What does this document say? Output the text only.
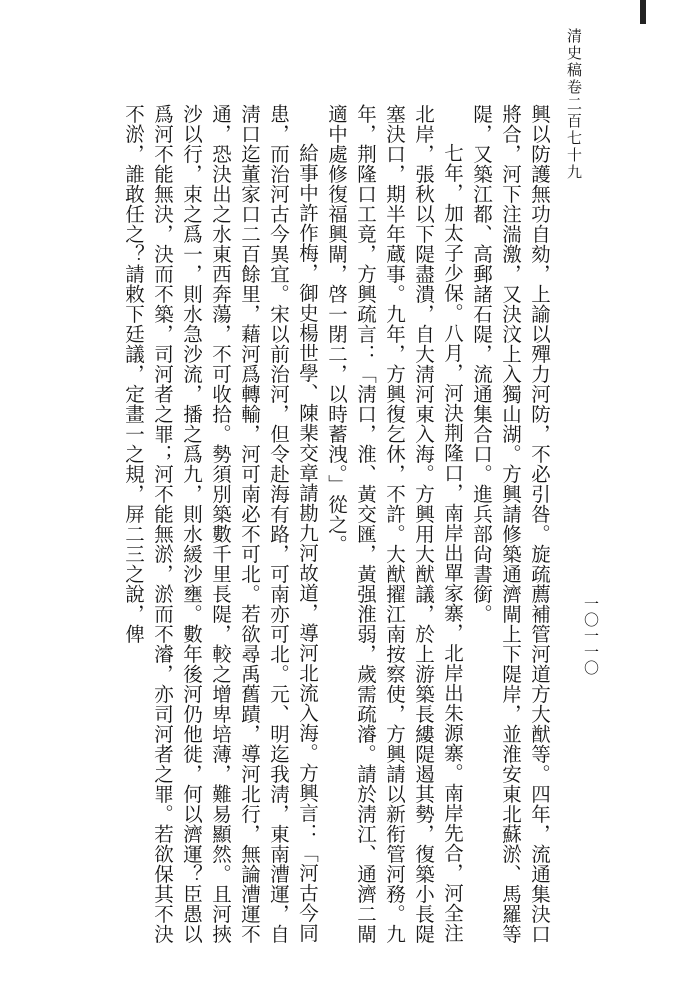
清史稿卷二百七十九
一〇一一〇

興以防護無功自劾，上諭以殫力河防，不必引咎。旋疏薦補管河道方大猷等。四年，流通集決口將合，河下注湍激，又決汶上入獨山湖。方興請修築通濟閘上下隄岸，並淮安東北蘇淤、馬羅等隄，又築江都、高郵諸石隄，流通集合口。進兵部尙書銜。

七年，加太子少保。八月，河決荆隆口，南岸出單家寨，北岸出朱源寨。南岸先合，河全注北岸，張秋以下隄盡潰，自大淸河東入海。方興用大猷議，於上游築長縷隄遏其勢，復築小長隄塞決口，期半年蔵事。九年，方興復乞休，不許。大猷擢江南按察使，方興請以新衔管河務。九年，荆隆口工竟，方興疏言：「淸口，淮、黃交匯，黃强淮弱，歲需疏濬。請於淸江、通濟二閘適中處修復福興閘，啓一閉二，以時蓄洩。」從之。

給事中許作梅，御史楊世學、陳棐交章請勘九河故道，導河北流入海。方興言：「河古今同患，而治河古今異宜。宋以前治河，但令赴海有路，可南亦可北。元、明迄我淸，東南漕運，自淸口迄董家口二百餘里，藉河爲轉輸，河可南必不可北。若欲尋禹舊蹟，導河北行，無論漕運不通，恐決出之水東西奔蕩，不可收拾。勢須別築數千里長隄，較之增卑培薄，難易顯然。且河挾沙以行，束之爲一，則水急沙流，播之爲九，則水緩沙壅。數年後河仍他徙，何以濟運？臣愚以爲河不能無決，決而不築，司河者之罪；河不能無淤，淤而不濬，亦司河者之罪。若欲保其不決不淤，誰敢任之？請敕下廷議，定畫一之規，屏二三之說，俾
